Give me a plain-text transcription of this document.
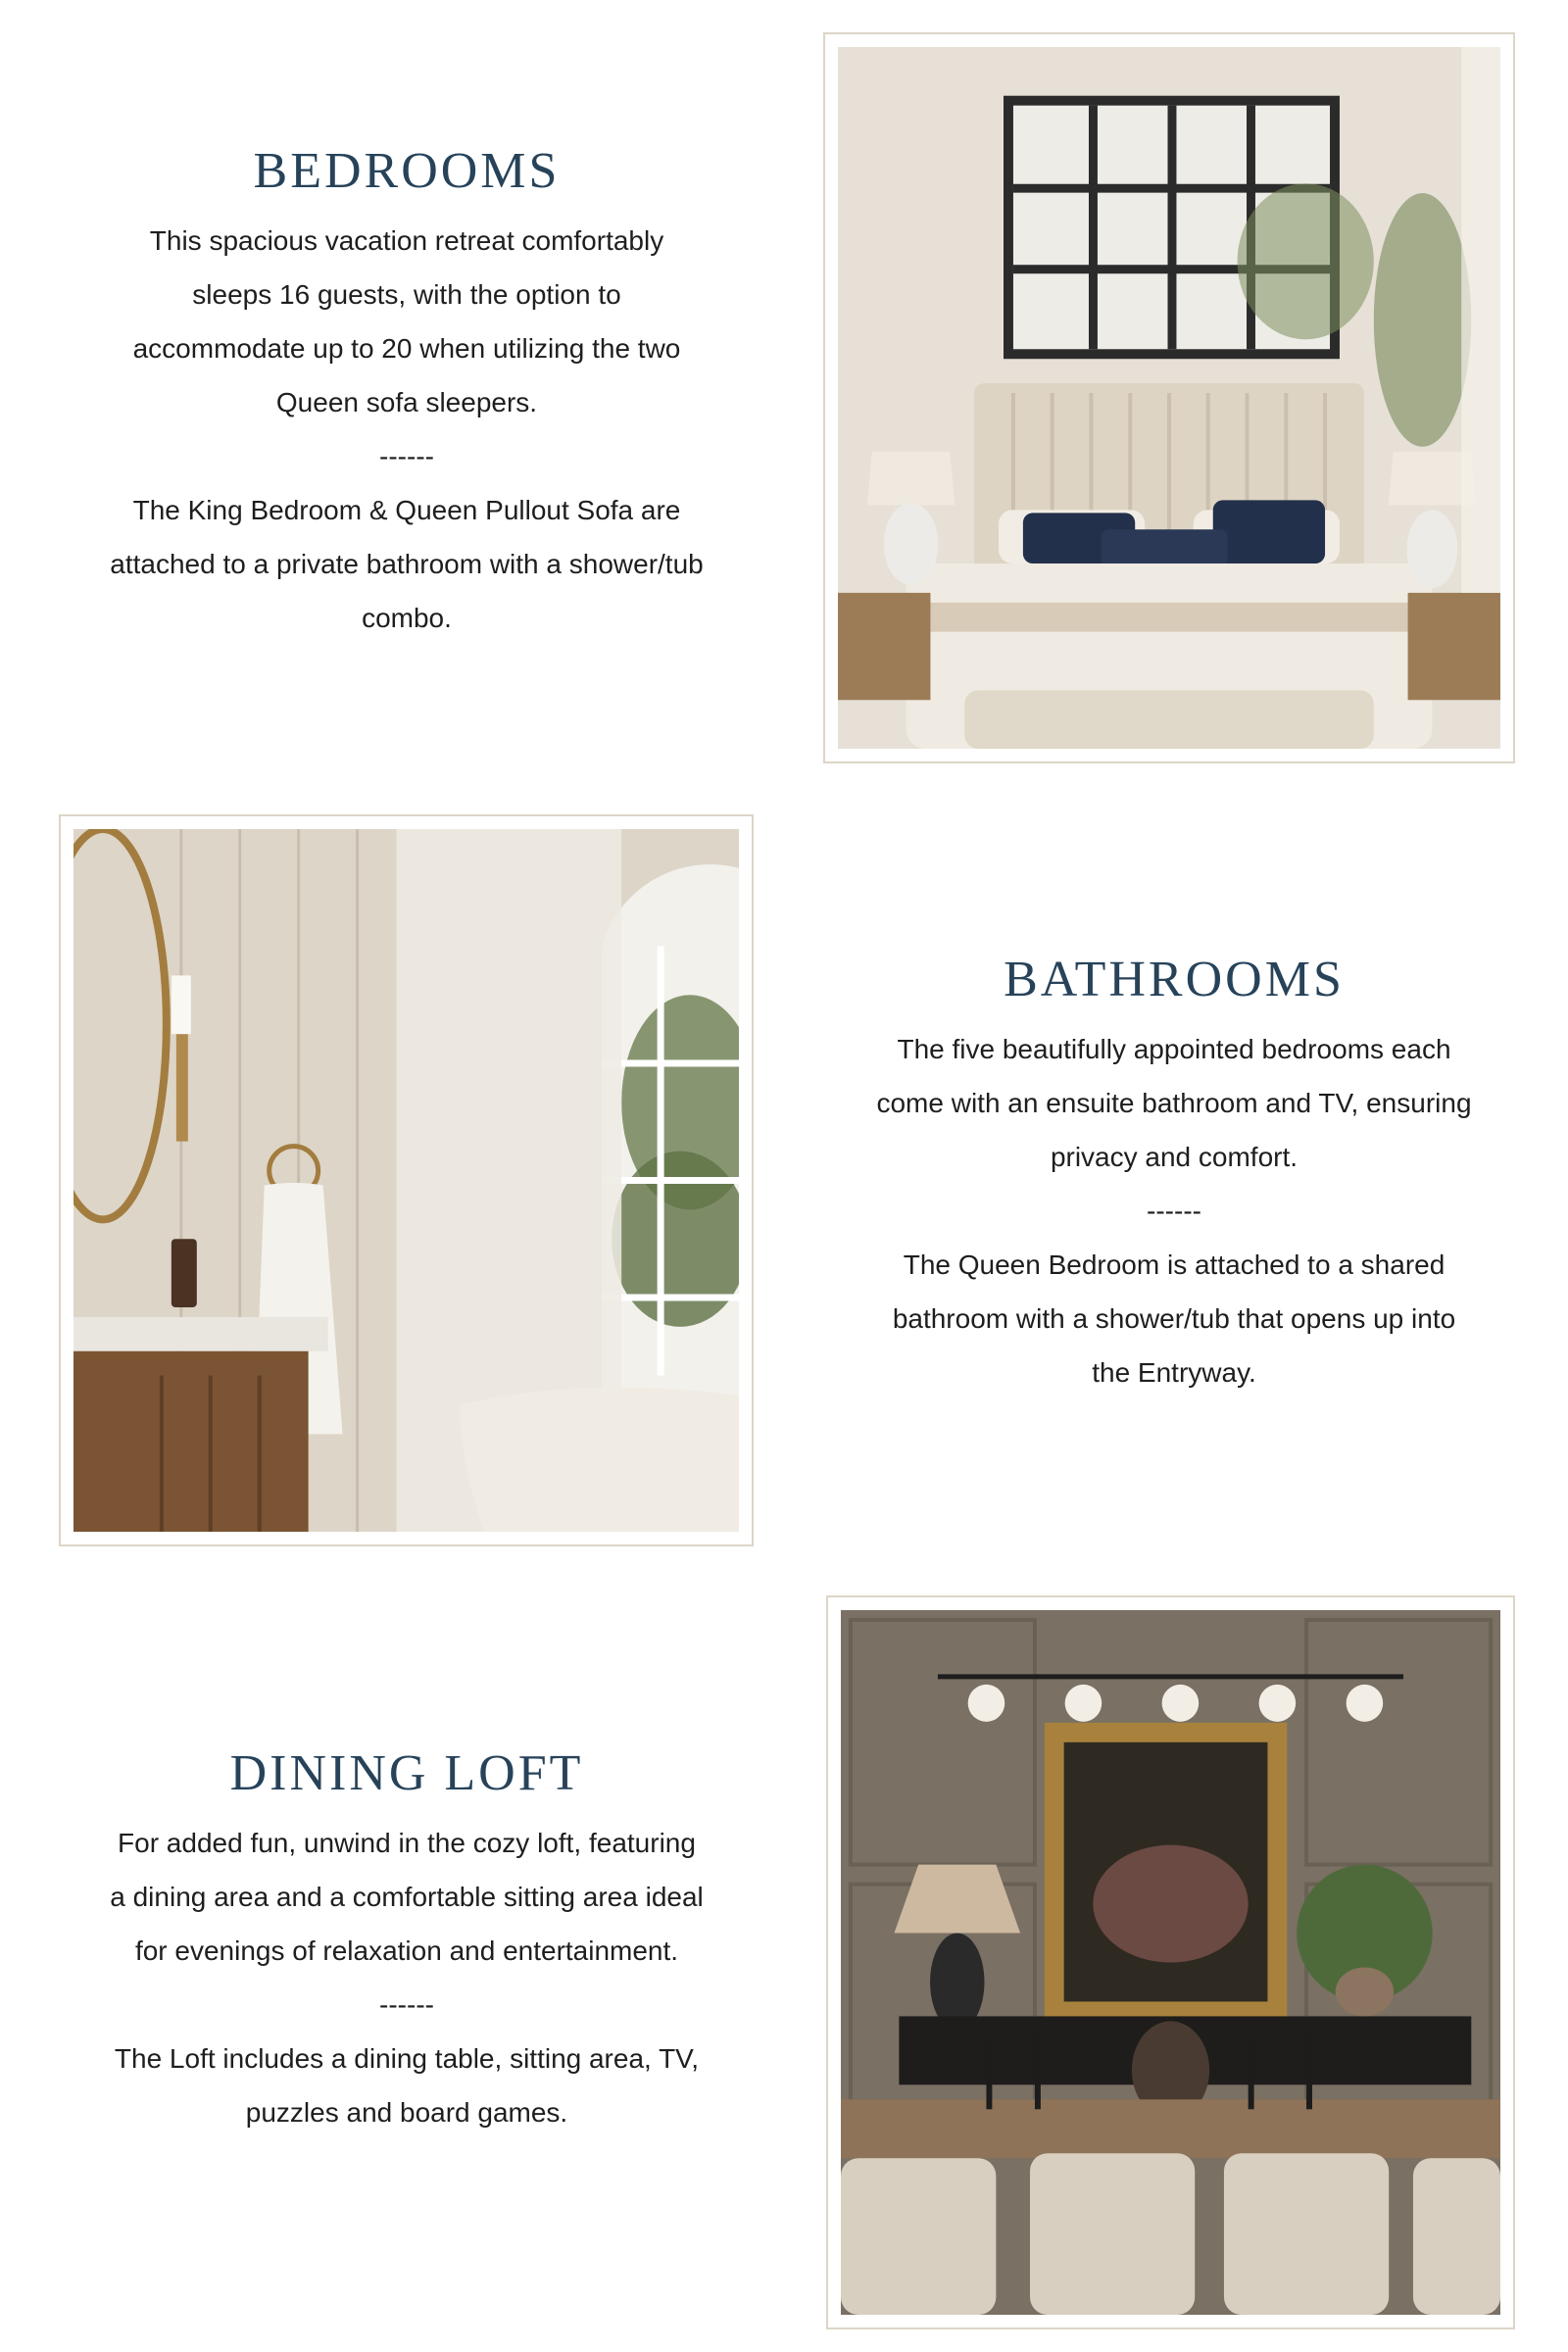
BEDROOMS

This spacious vacation retreat comfortably sleeps 16 guests, with the option to accommodate up to 20 when utilizing the two Queen sofa sleepers.

------

The King Bedroom & Queen Pullout Sofa are attached to a private bathroom with a shower/tub combo.

BATHROOMS

The five beautifully appointed bedrooms each come with an ensuite bathroom and TV, ensuring privacy and comfort.

------

The Queen Bedroom is attached to a shared bathroom with a shower/tub that opens up into the Entryway.

DINING LOFT

For added fun, unwind in the cozy loft, featuring a dining area and a comfortable sitting area ideal for evenings of relaxation and entertainment.

------

The Loft includes a dining table, sitting area, TV, puzzles and board games.
